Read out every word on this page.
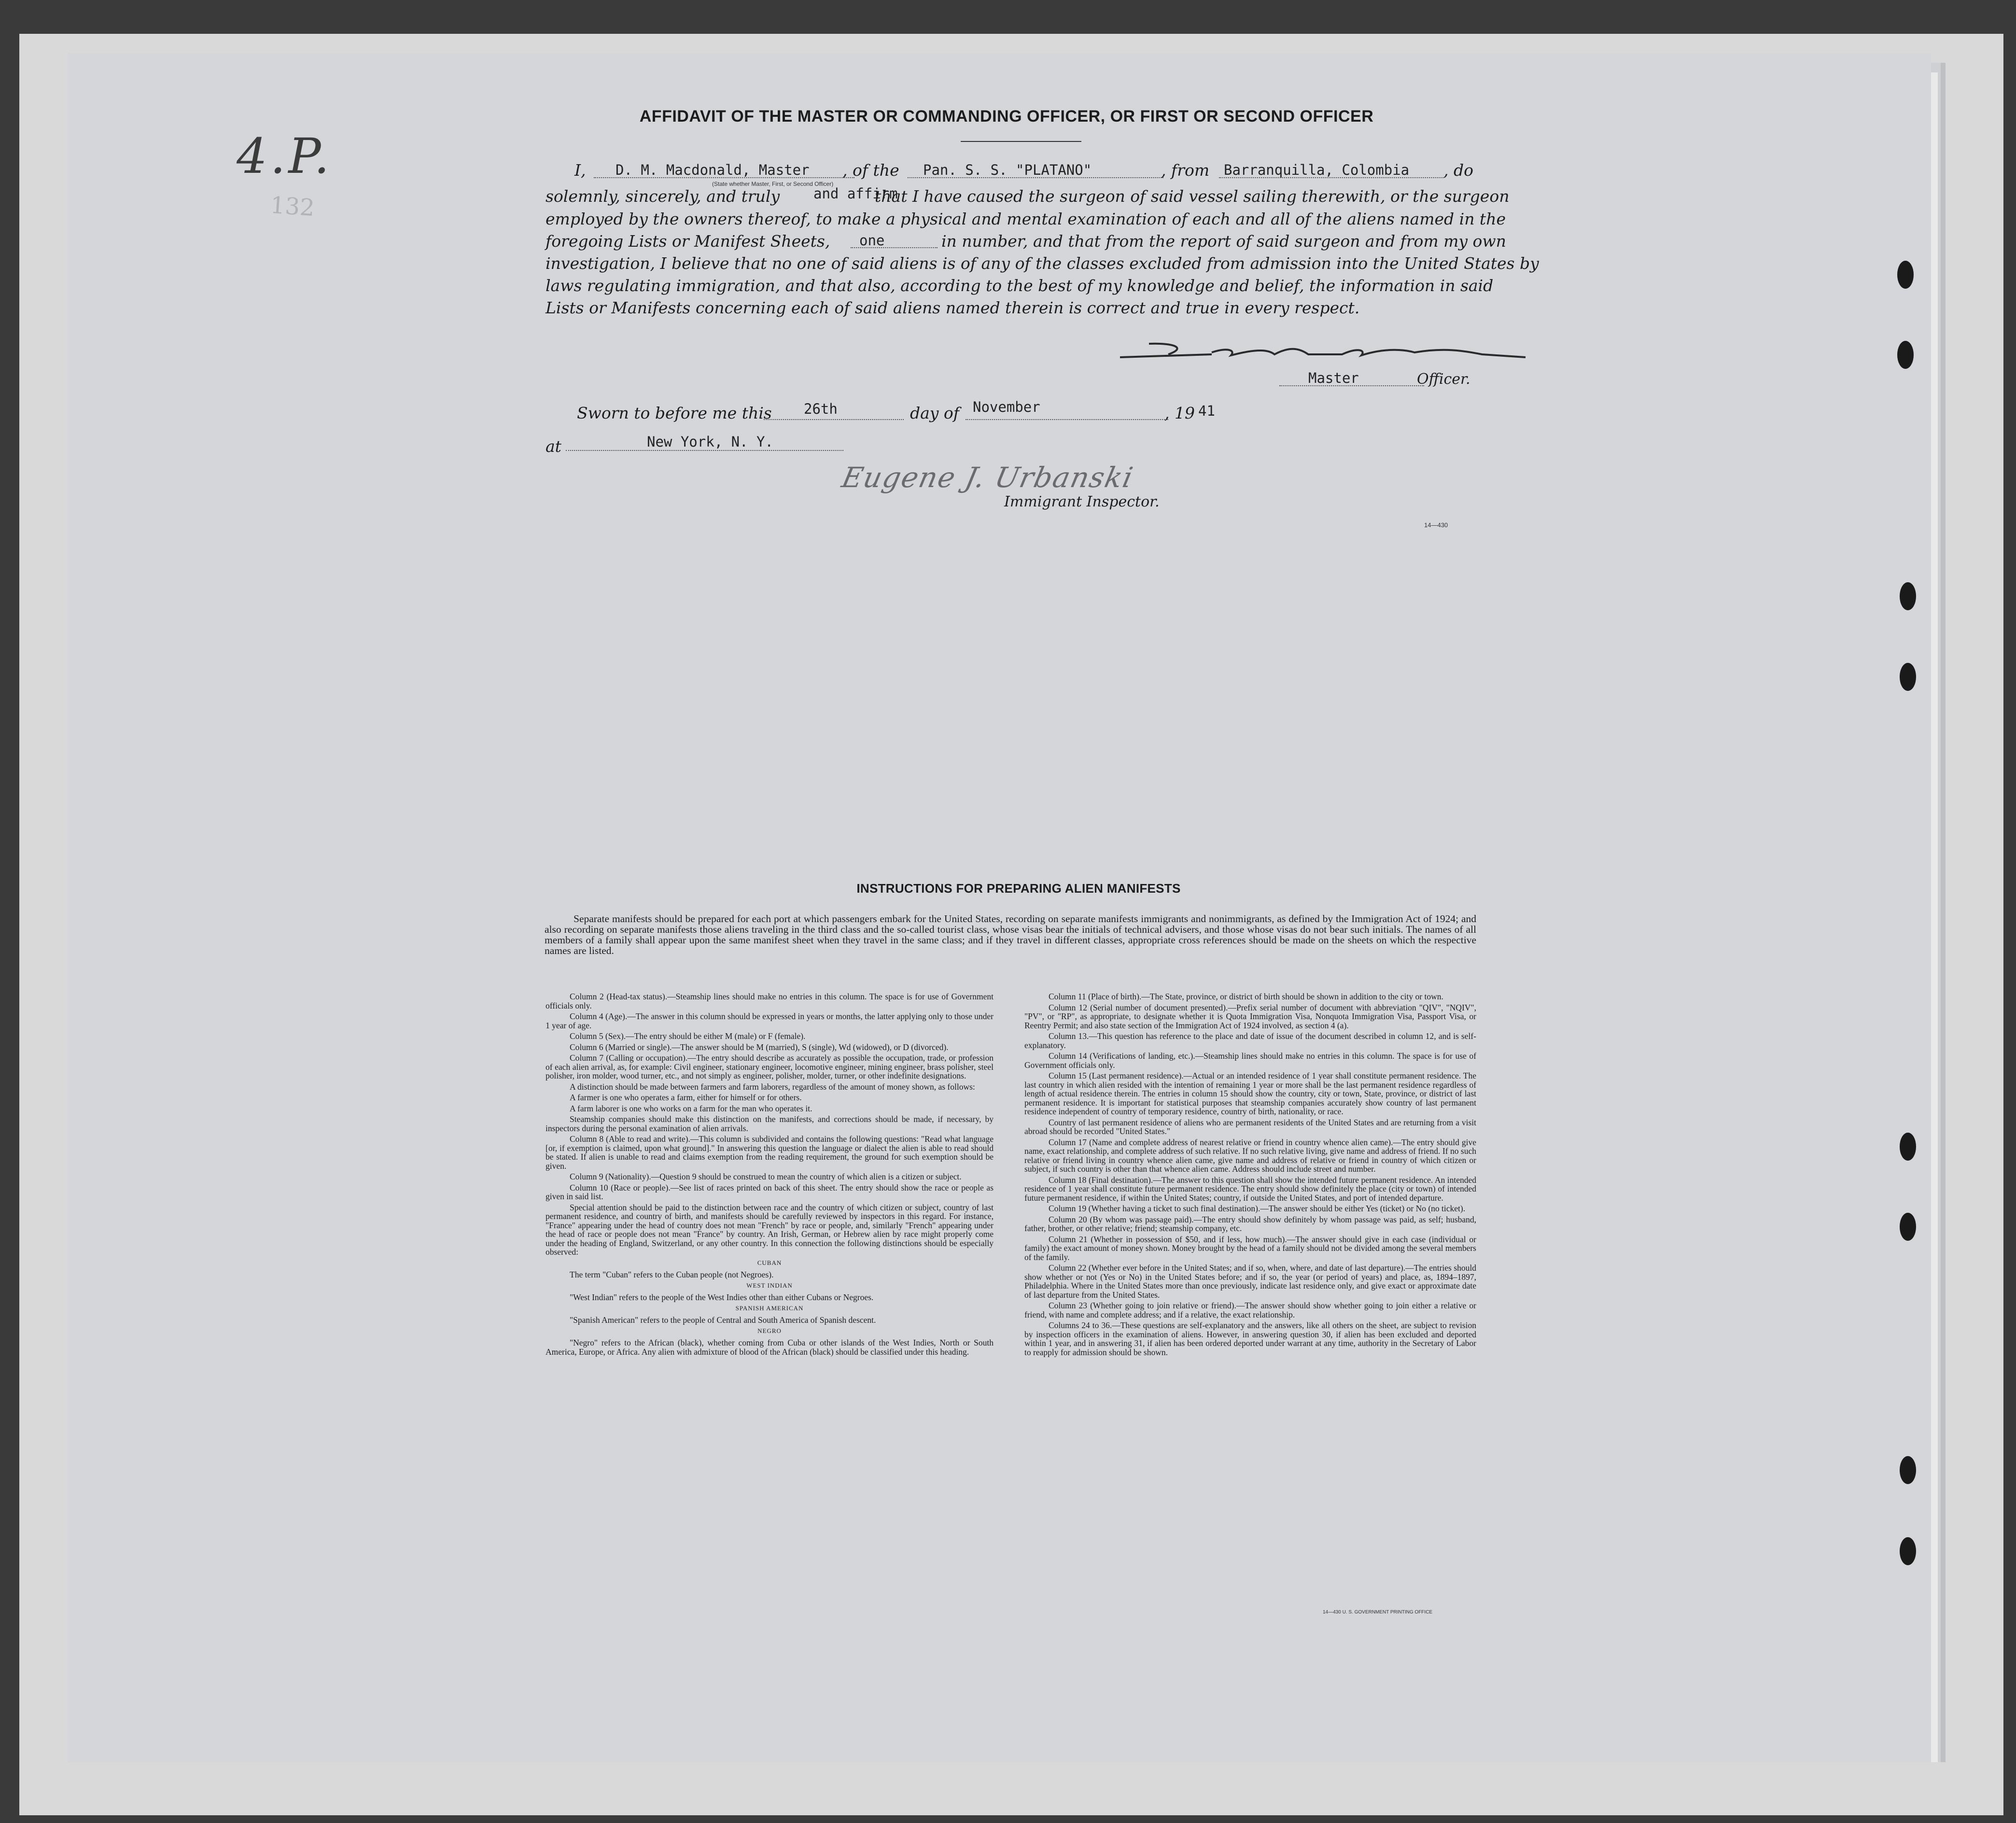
4.P.
132
AFFIDAVIT OF THE MASTER OR COMMANDING OFFICER, OR FIRST OR SECOND OFFICER
I, D. M. Macdonald, Master , of the Pan. S. S. "PLATANO"	, from Barranquilla, Colombia , do
(State whether Master, First, or Second Officer)
solemnly, sincerely, and truly and affirm
that I have caused the surgeon of said vessel sailing therewith, or the surgeon
employed by the owners thereof, to make a physical and mental examination of each and all of the aliens named in the
foregoing Lists or Manifest Sheets, one	in number, and that from the report of said surgeon and from my own
investigation, I believe that no one of said aliens is of any of the classes excluded from admission into the United States by
laws regulating immigration, and that also, according to the best of my knowledge and belief, the information in said
Lists or Manifests concerning each of said aliens named therein is correct and true in every respect.
Master	Officer.
Sworn to before me this 26th	day of November	, 19 41
at	New York, N. Y.
Eugene J. Urbanski
Immigrant Inspector.
14—430
INSTRUCTIONS FOR PREPARING ALIEN MANIFESTS
Separate manifests should be prepared for each port at which passengers embark for the United States, recording on separate manifests immigrants and nonimmigrants, as defined by the Immigration Act of 1924; and also recording on separate manifests those aliens traveling in the third class and the so-called tourist class, whose visas bear the initials of technical advisers, and those whose visas do not bear such initials. The names of all members of a family shall appear upon the same manifest sheet when they travel in the same class; and if they travel in different classes, appropriate cross references should be made on the sheets on which the respective names are listed.

Column 2 (Head-tax status).—Steamship lines should make no entries in this column. The space is for use of Government officials only.

Column 4 (Age).—The answer in this column should be expressed in years or months, the latter applying only to those under 1 year of age.

Column 5 (Sex).—The entry should be either M (male) or F (female).

Column 6 (Married or single).—The answer should be M (married), S (single), Wd (widowed), or D (divorced).

Column 7 (Calling or occupation).—The entry should describe as accurately as possible the occupation, trade, or profession of each alien arrival, as, for example: Civil engineer, stationary engineer, locomotive engineer, mining engineer, brass polisher, steel polisher, iron molder, wood turner, etc., and not simply as engineer, polisher, molder, turner, or other indefinite designations.

A distinction should be made between farmers and farm laborers, regardless of the amount of money shown, as follows:

A farmer is one who operates a farm, either for himself or for others.

A farm laborer is one who works on a farm for the man who operates it.

Steamship companies should make this distinction on the manifests, and corrections should be made, if necessary, by inspectors during the personal examination of alien arrivals.

Column 8 (Able to read and write).—This column is subdivided and contains the following questions: "Read what language [or, if exemption is claimed, upon what ground]." In answering this question the language or dialect the alien is able to read should be stated. If alien is unable to read and claims exemption from the reading requirement, the ground for such exemption should be given.

Column 9 (Nationality).—Question 9 should be construed to mean the country of which alien is a citizen or subject.

Column 10 (Race or people).—See list of races printed on back of this sheet. The entry should show the race or people as given in said list.

Special attention should be paid to the distinction between race and the country of which citizen or subject, country of last permanent residence, and country of birth, and manifests should be carefully reviewed by inspectors in this regard. For instance, "France" appearing under the head of country does not mean "French" by race or people, and, similarly "French" appearing under the head of race or people does not mean "France" by country. An Irish, German, or Hebrew alien by race might properly come under the heading of England, Switzerland, or any other country. In this connection the following distinctions should be especially observed:

CUBAN

The term "Cuban" refers to the Cuban people (not Negroes).

WEST INDIAN

"West Indian" refers to the people of the West Indies other than either Cubans or Negroes.

SPANISH AMERICAN

"Spanish American" refers to the people of Central and South America of Spanish descent.

NEGRO

"Negro" refers to the African (black), whether coming from Cuba or other islands of the West Indies, North or South America, Europe, or Africa. Any alien with admixture of blood of the African (black) should be classified under this heading.

Column 11 (Place of birth).—The State, province, or district of birth should be shown in addition to the city or town.

Column 12 (Serial number of document presented).—Prefix serial number of document with abbreviation "QIV", "NQIV", "PV", or "RP", as appropriate, to designate whether it is Quota Immigration Visa, Nonquota Immigration Visa, Passport Visa, or Reentry Permit; and also state section of the Immigration Act of 1924 involved, as section 4 (a).

Column 13.—This question has reference to the place and date of issue of the document described in column 12, and is self-explanatory.

Column 14 (Verifications of landing, etc.).—Steamship lines should make no entries in this column. The space is for use of Government officials only.

Column 15 (Last permanent residence).—Actual or an intended residence of 1 year shall constitute permanent residence. The last country in which alien resided with the intention of remaining 1 year or more shall be the last permanent residence regardless of length of actual residence therein. The entries in column 15 should show the country, city or town, State, province, or district of last permanent residence. It is important for statistical purposes that steamship companies accurately show country of last permanent residence independent of country of temporary residence, country of birth, nationality, or race.

Country of last permanent residence of aliens who are permanent residents of the United States and are returning from a visit abroad should be recorded "United States."

Column 17 (Name and complete address of nearest relative or friend in country whence alien came).—The entry should give name, exact relationship, and complete address of such relative. If no such relative living, give name and address of friend. If no such relative or friend living in country whence alien came, give name and address of relative or friend in country of which citizen or subject, if such country is other than that whence alien came. Address should include street and number.

Column 18 (Final destination).—The answer to this question shall show the intended future permanent residence. An intended residence of 1 year shall constitute future permanent residence. The entry should show definitely the place (city or town) of intended future permanent residence, if within the United States; country, if outside the United States, and port of intended departure.

Column 19 (Whether having a ticket to such final destination).—The answer should be either Yes (ticket) or No (no ticket).

Column 20 (By whom was passage paid).—The entry should show definitely by whom passage was paid, as self; husband, father, brother, or other relative; friend; steamship company, etc.

Column 21 (Whether in possession of $50, and if less, how much).—The answer should give in each case (individual or family) the exact amount of money shown. Money brought by the head of a family should not be divided among the several members of the family.

Column 22 (Whether ever before in the United States; and if so, when, where, and date of last departure).—The entries should show whether or not (Yes or No) in the United States before; and if so, the year (or period of years) and place, as, 1894–1897, Philadelphia. Where in the United States more than once previously, indicate last residence only, and give exact or approximate date of last departure from the United States.

Column 23 (Whether going to join relative or friend).—The answer should show whether going to join either a relative or friend, with name and complete address; and if a relative, the exact relationship.

Columns 24 to 36.—These questions are self-explanatory and the answers, like all others on the sheet, are subject to revision by inspection officers in the examination of aliens. However, in answering question 30, if alien has been excluded and deported within 1 year, and in answering 31, if alien has been ordered deported under warrant at any time, authority in the Secretary of Labor to reapply for admission should be shown.

14—430 U. S. GOVERNMENT PRINTING OFFICE
